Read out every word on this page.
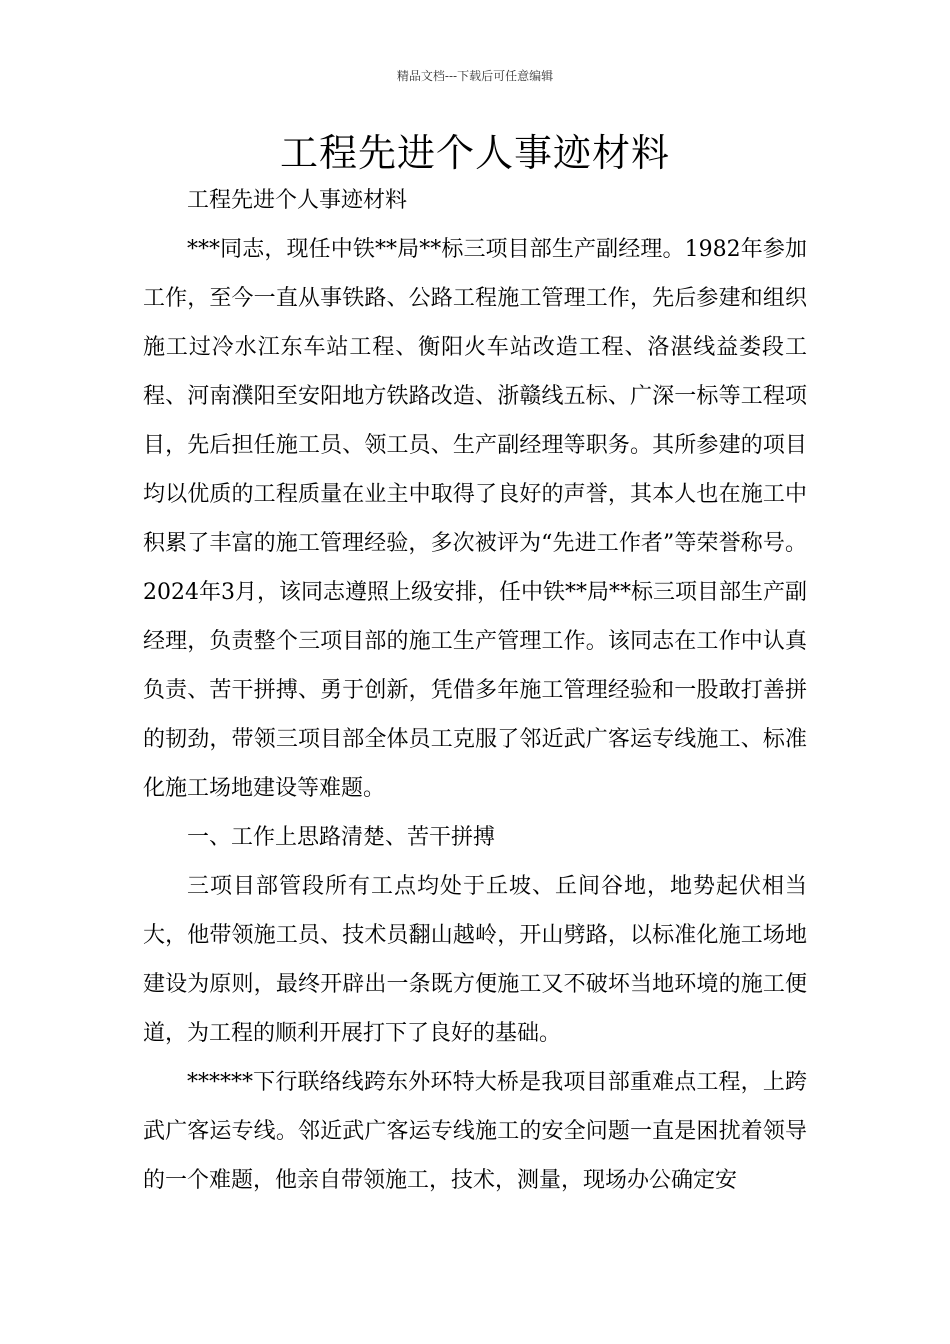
精品文档---下载后可任意编辑
工程先进个人事迹材料

工程先进个人事迹材料

***同志，现任中铁**局**标三项目部生产副经理。1982年参加工作，至今一直从事铁路、公路工程施工管理工作，先后参建和组织施工过冷水江东车站工程、衡阳火车站改造工程、洛湛线益娄段工程、河南濮阳至安阳地方铁路改造、浙赣线五标、广深一标等工程项目，先后担任施工员、领工员、生产副经理等职务。其所参建的项目均以优质的工程质量在业主中取得了良好的声誉，其本人也在施工中积累了丰富的施工管理经验，多次被评为“先进工作者”等荣誉称号。2024年3月，该同志遵照上级安排，任中铁**局**标三项目部生产副经理，负责整个三项目部的施工生产管理工作。该同志在工作中认真负责、苦干拼搏、勇于创新，凭借多年施工管理经验和一股敢打善拼的韧劲，带领三项目部全体员工克服了邻近武广客运专线施工、标准化施工场地建设等难题。

一、工作上思路清楚、苦干拼搏

三项目部管段所有工点均处于丘坡、丘间谷地，地势起伏相当大，他带领施工员、技术员翻山越岭，开山劈路，以标准化施工场地建设为原则，最终开辟出一条既方便施工又不破坏当地环境的施工便道，为工程的顺利开展打下了良好的基础。

******下行联络线跨东外环特大桥是我项目部重难点工程，上跨武广客运专线。邻近武广客运专线施工的安全问题一直是困扰着领导的一个难题，他亲自带领施工，技术，测量，现场办公确定安
